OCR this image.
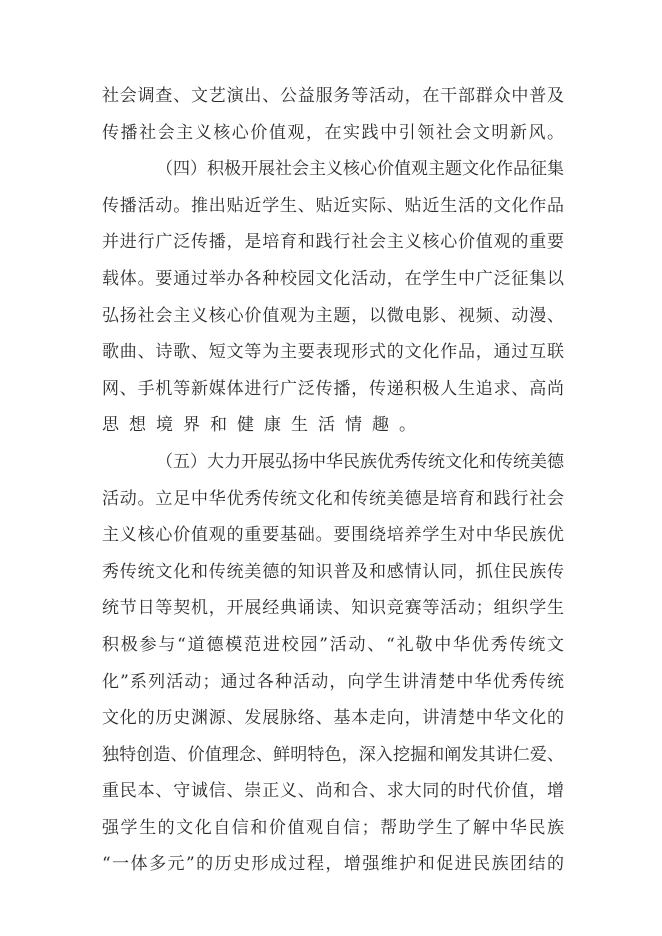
社会调查、文艺演出、公益服务等活动，在干部群众中普及
传播社会主义核心价值观，在实践中引领社会文明新风。
（四）积极开展社会主义核心价值观主题文化作品征集
传播活动。推出贴近学生、贴近实际、贴近生活的文化作品
并进行广泛传播，是培育和践行社会主义核心价值观的重要
载体。要通过举办各种校园文化活动，在学生中广泛征集以
弘扬社会主义核心价值观为主题，以微电影、视频、动漫、
歌曲、诗歌、短文等为主要表现形式的文化作品，通过互联
网、手机等新媒体进行广泛传播，传递积极人生追求、高尚
思想境界和健康生活情趣。
（五）大力开展弘扬中华民族优秀传统文化和传统美德
活动。立足中华优秀传统文化和传统美德是培育和践行社会
主义核心价值观的重要基础。要围绕培养学生对中华民族优
秀传统文化和传统美德的知识普及和感情认同，抓住民族传
统节日等契机，开展经典诵读、知识竞赛等活动；组织学生
积极参与“道德模范进校园”活动、“礼敬中华优秀传统文
化”系列活动；通过各种活动，向学生讲清楚中华优秀传统
文化的历史渊源、发展脉络、基本走向，讲清楚中华文化的
独特创造、价值理念、鲜明特色，深入挖掘和阐发其讲仁爱、
重民本、守诚信、崇正义、尚和合、求大同的时代价值，增
强学生的文化自信和价值观自信；帮助学生了解中华民族
“一体多元”的历史形成过程，增强维护和促进民族团结的
